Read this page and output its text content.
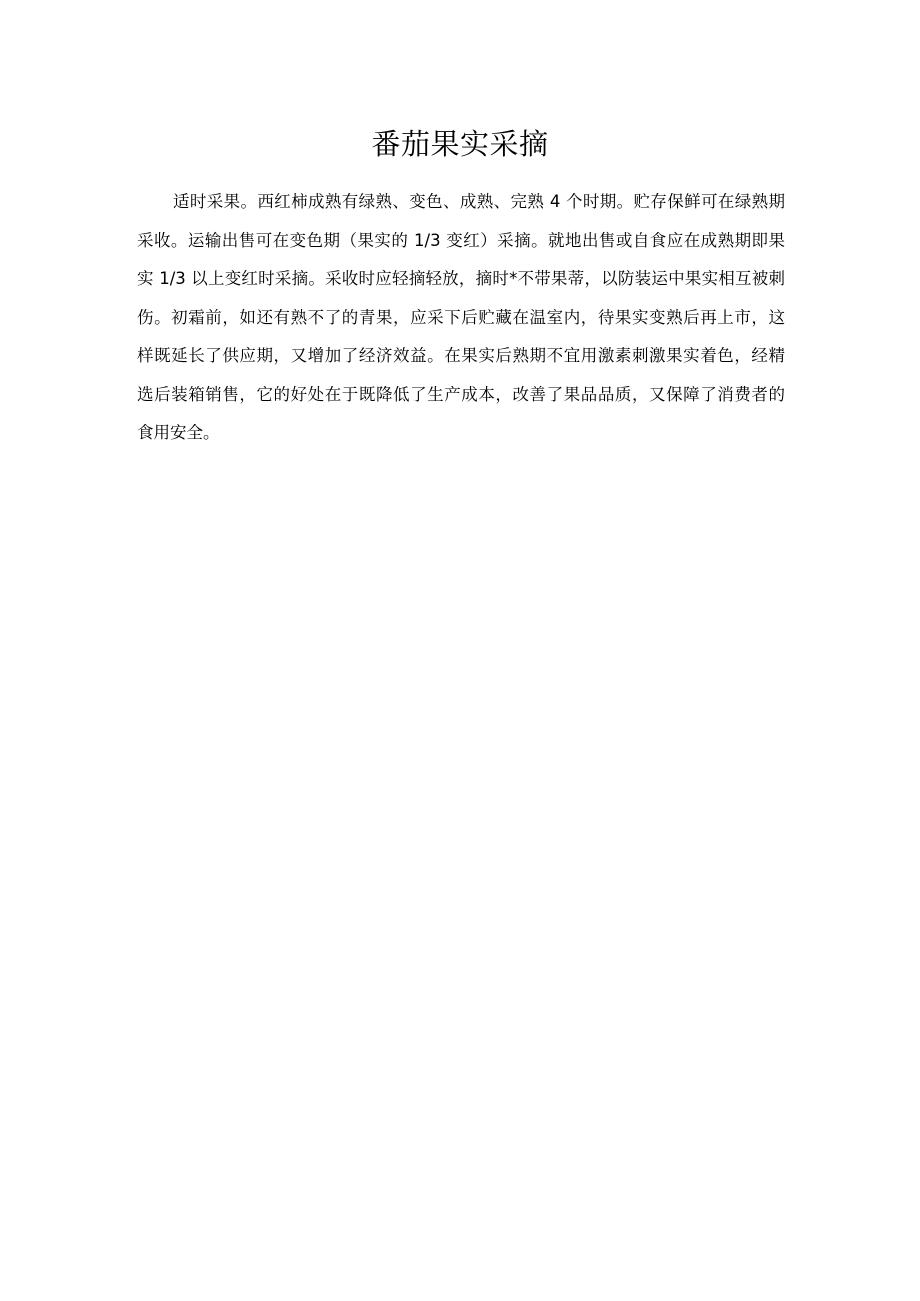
番茄果实采摘
适时采果。西红柿成熟有绿熟、变色、成熟、完熟 4 个时期。贮存保鲜可在绿熟期
采收。运输出售可在变色期（果实的 1/3 变红）采摘。就地出售或自食应在成熟期即果
实 1/3 以上变红时采摘。采收时应轻摘轻放，摘时*不带果蒂，以防装运中果实相互被刺
伤。初霜前，如还有熟不了的青果，应采下后贮藏在温室内，待果实变熟后再上市，这
样既延长了供应期，又增加了经济效益。在果实后熟期不宜用激素刺激果实着色，经精
选后装箱销售，它的好处在于既降低了生产成本，改善了果品品质，又保障了消费者的
食用安全。
